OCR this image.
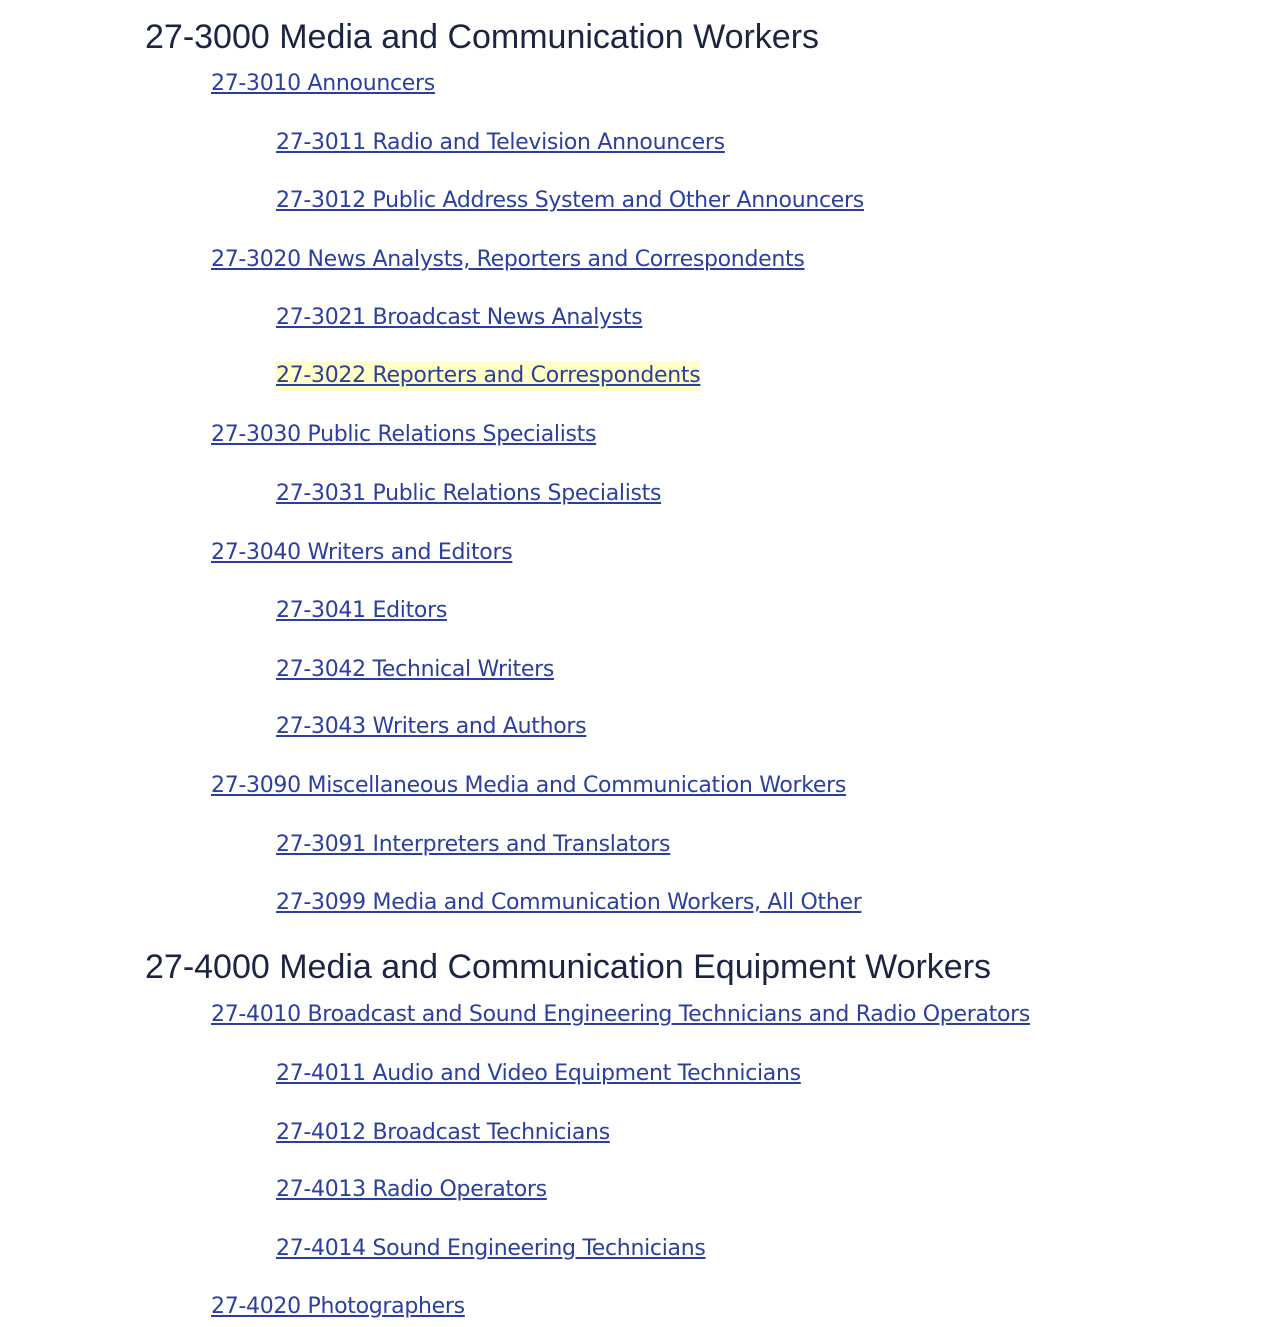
27-3000 Media and Communication Workers
27-3010 Announcers
27-3011 Radio and Television Announcers
27-3012 Public Address System and Other Announcers
27-3020 News Analysts, Reporters and Correspondents
27-3021 Broadcast News Analysts
27-3022 Reporters and Correspondents
27-3030 Public Relations Specialists
27-3031 Public Relations Specialists
27-3040 Writers and Editors
27-3041 Editors
27-3042 Technical Writers
27-3043 Writers and Authors
27-3090 Miscellaneous Media and Communication Workers
27-3091 Interpreters and Translators
27-3099 Media and Communication Workers, All Other
27-4000 Media and Communication Equipment Workers
27-4010 Broadcast and Sound Engineering Technicians and Radio Operators
27-4011 Audio and Video Equipment Technicians
27-4012 Broadcast Technicians
27-4013 Radio Operators
27-4014 Sound Engineering Technicians
27-4020 Photographers
